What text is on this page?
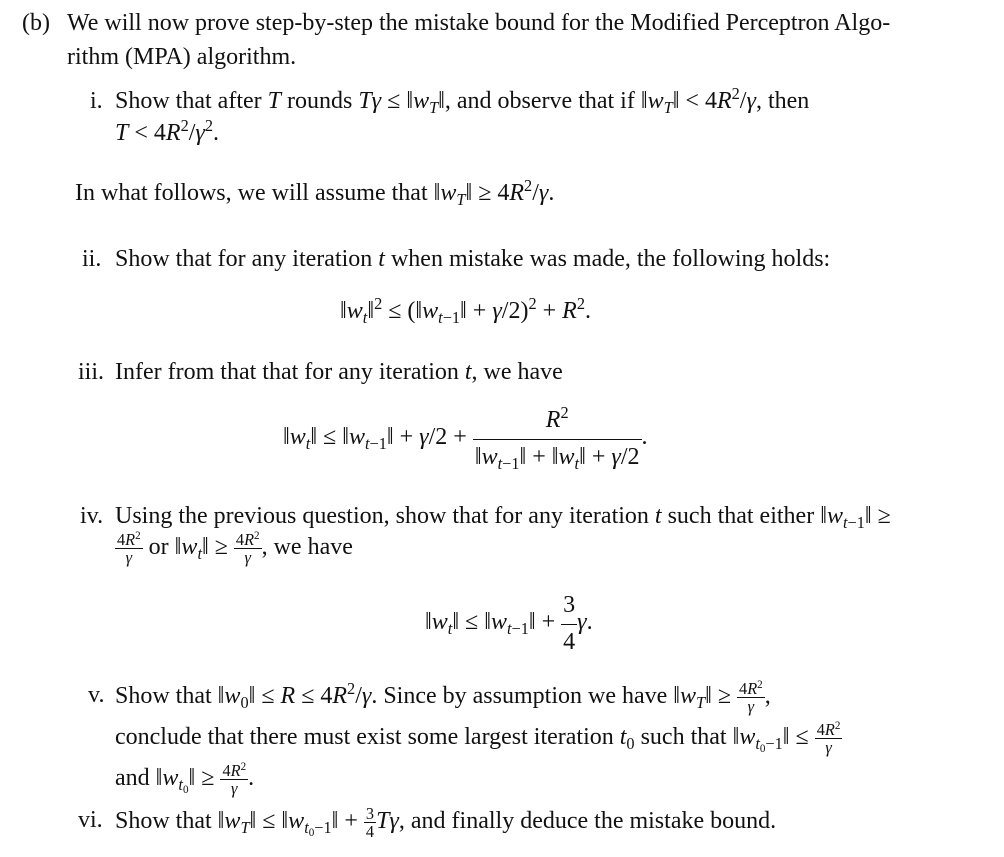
(b) We will now prove step-by-step the mistake bound for the Modified Perceptron Algo-
rithm (MPA) algorithm.
i. Show that after T rounds $T\gamma \le ‖w_T‖$, and observe that if $‖w_T‖ < 4R^2/\gamma$, then
$T < 4R^2/\gamma^2$.
In what follows, we will assume that $‖w_T‖ \ge 4R^2/\gamma$.
ii. Show that for any iteration t when mistake was made, the following holds:
$‖w_t‖^2$ ≤ $(‖w_{t-1}‖ + \gamma/2)^2 + R^2$.
iii. Infer from that that for any iteration t, we have
$‖w_t‖$ ≤ $‖w_{t-1}‖ + \gamma/2 + \frac{R^2}{‖w_{t-1}‖ + ‖w_t‖ + \gamma/2}$ .
iv. Using the previous question, show that for any iteration t such that either $‖w_{t-1}‖$ ≥
$\frac{4R^2}{\gamma}$ or $‖w_t‖ \ge \frac{4R^2}{\gamma}$ , we have
$‖w_t‖$ ≤ $‖w_{t-1}‖ + \frac{3}{4} \gamma$.
v. Show that $‖w_0‖ \le R \le 4R^2/\gamma$. Since by assumption we have $‖w_T‖ \ge \frac{4R^2}{\gamma}$ ,
conclude that there must exist some largest iteration $t_0$ such that $‖w_{t_0-1}‖ \le \frac{4R^2}{\gamma}$
and $‖w_{t_0}‖ \ge \frac{4R^2}{\gamma}$ .
vi. Show that $‖w_T‖$ ≤ $‖w_{t_0-1}‖ + \frac{3}{4} T\gamma$, and finally deduce the mistake bound.
